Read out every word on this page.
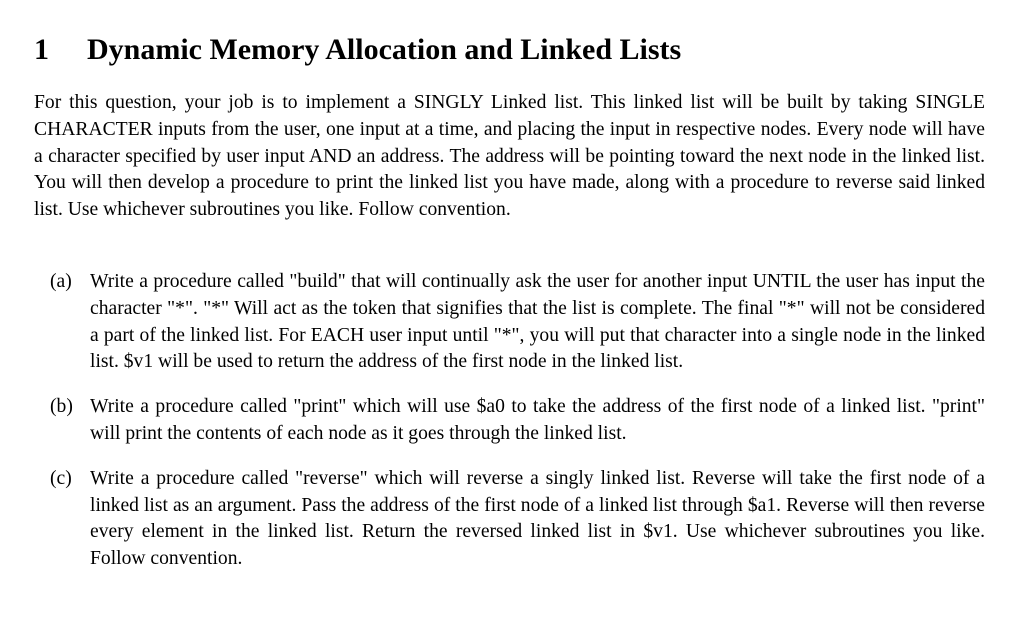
1 Dynamic Memory Allocation and Linked Lists

For this question, your job is to implement a SINGLY Linked list. This linked list will be built by taking SINGLE CHARACTER inputs from the user, one input at a time, and placing the input in respective nodes. Every node will have a character specified by user input AND an address. The address will be pointing toward the next node in the linked list. You will then develop a procedure to print the linked list you have made, along with a procedure to reverse said linked list. Use whichever subroutines you like. Follow convention.

(a) Write a procedure called "build" that will continually ask the user for another input UNTIL the user has input the character "*". "*" Will act as the token that signifies that the list is complete. The final "*" will not be considered a part of the linked list. For EACH user input until "*", you will put that character into a single node in the linked list. $v1 will be used to return the address of the first node in the linked list.
(b) Write a procedure called "print" which will use $a0 to take the address of the first node of a linked list. "print" will print the contents of each node as it goes through the linked list.
(c) Write a procedure called "reverse" which will reverse a singly linked list. Reverse will take the first node of a linked list as an argument. Pass the address of the first node of a linked list through $a1. Reverse will then reverse every element in the linked list. Return the reversed linked list in $v1. Use whichever subroutines you like. Follow convention.
